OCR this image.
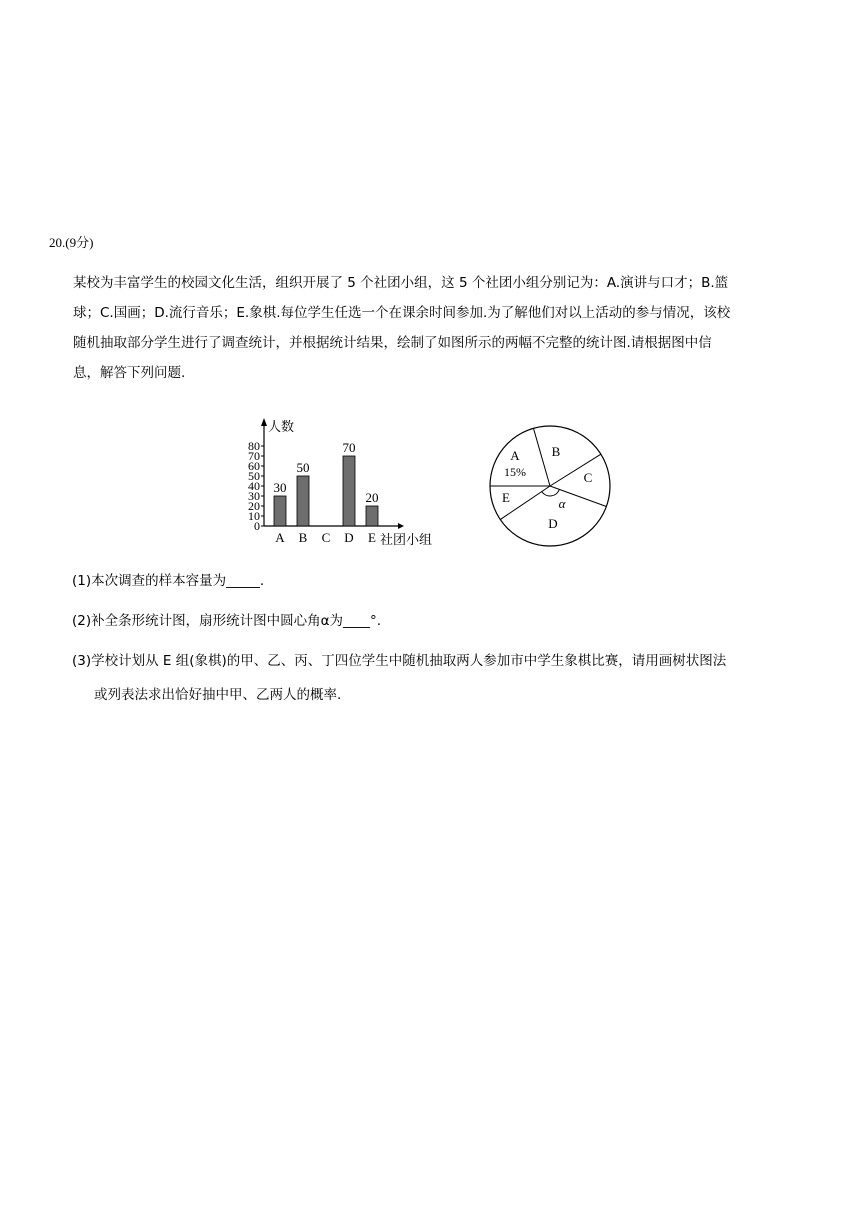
20.(9分)
某校为丰富学生的校园文化生活，组织开展了 5 个社团小组，这 5 个社团小组分别记为：A.演讲与口才；B.篮
球；C.国画；D.流行音乐；E.象棋.每位学生任选一个在课余时间参加.为了解他们对以上活动的参与情况，该校
随机抽取部分学生进行了调查统计，并根据统计结果，绘制了如图所示的两幅不完整的统计图.请根据图中信
息，解答下列问题.
人数
社团小组
0
10
20
30
40
50
60
70
80
A
30
B
50
C D
70
E
20
A B
C
D
E
15%
α
(1)本次调查的样本容量为_____.
(2)补全条形统计图，扇形统计图中圆心角α为____°.
(3)学校计划从 E 组(象棋)的甲、乙、丙、丁四位学生中随机抽取两人参加市中学生象棋比赛，请用画树状图法
或列表法求出恰好抽中甲、乙两人的概率.
